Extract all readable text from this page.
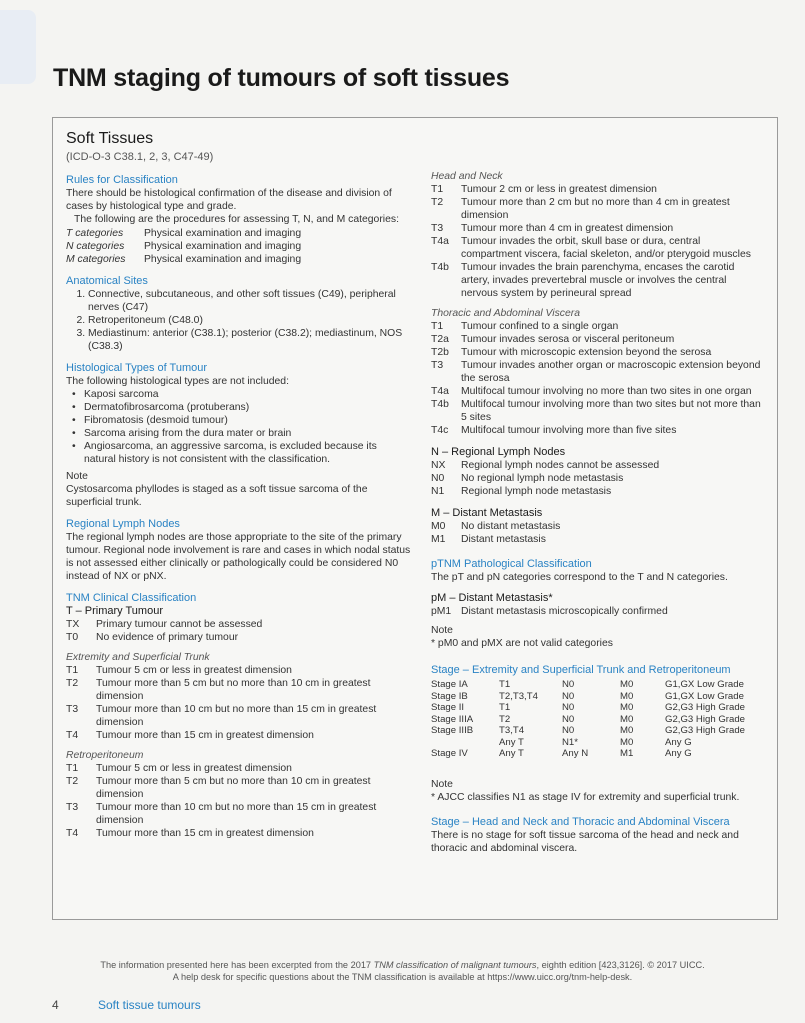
TNM staging of tumours of soft tissues
Soft Tissues
(ICD-O-3 C38.1, 2, 3, C47-49)
Rules for Classification

There should be histological confirmation of the disease and division of cases by histological type and grade.

The following are the procedures for assessing T, N, and M categories:

T categories	Physical examination and imaging
N categories	Physical examination and imaging
M categories	Physical examination and imaging
Anatomical Sites
1. Connective, subcutaneous, and other soft tissues (C49), peripheral nerves (C47)
2. Retroperitoneum (C48.0)
3. Mediastinum: anterior (C38.1); posterior (C38.2); mediastinum, NOS (C38.3)
Histological Types of Tumour

The following histological types are not included:

• Kaposi sarcoma
• Dermatofibrosarcoma (protuberans)
• Fibromatosis (desmoid tumour)
• Sarcoma arising from the dura mater or brain
• Angiosarcoma, an aggressive sarcoma, is excluded because its natural history is not consistent with the classification.

Note

Cystosarcoma phyllodes is staged as a soft tissue sarcoma of the superficial trunk.

Regional Lymph Nodes

The regional lymph nodes are those appropriate to the site of the primary tumour. Regional node involvement is rare and cases in which nodal status is not assessed either clinically or pathologically could be considered N0 instead of NX or pNX.

TNM Clinical Classification
T – Primary Tumour
TX	Primary tumour cannot be assessed
T0	No evidence of primary tumour
Extremity and Superficial Trunk
T1	Tumour 5 cm or less in greatest dimension
T2	Tumour more than 5 cm but no more than 10 cm in greatest dimension
T3	Tumour more than 10 cm but no more than 15 cm in greatest dimension
T4	Tumour more than 15 cm in greatest dimension
Retroperitoneum
T1	Tumour 5 cm or less in greatest dimension
T2	Tumour more than 5 cm but no more than 10 cm in greatest dimension
T3	Tumour more than 10 cm but no more than 15 cm in greatest dimension
T4	Tumour more than 15 cm in greatest dimension
Head and Neck
T1	Tumour 2 cm or less in greatest dimension
T2	Tumour more than 2 cm but no more than 4 cm in greatest dimension
T3	Tumour more than 4 cm in greatest dimension
T4a	Tumour invades the orbit, skull base or dura, central compartment viscera, facial skeleton, and/or pterygoid muscles
T4b	Tumour invades the brain parenchyma, encases the carotid artery, invades prevertebral muscle or involves the central nervous system by perineural spread
Thoracic and Abdominal Viscera
T1	Tumour confined to a single organ
T2a	Tumour invades serosa or visceral peritoneum
T2b	Tumour with microscopic extension beyond the serosa
T3	Tumour invades another organ or macroscopic extension beyond the serosa
T4a	Multifocal tumour involving no more than two sites in one organ
T4b	Multifocal tumour involving more than two sites but not more than 5 sites
T4c	Multifocal tumour involving more than five sites
N – Regional Lymph Nodes
NX	Regional lymph nodes cannot be assessed
N0	No regional lymph node metastasis
N1	Regional lymph node metastasis
M – Distant Metastasis
M0	No distant metastasis
M1	Distant metastasis
pTNM Pathological Classification

The pT and pN categories correspond to the T and N categories.

pM – Distant Metastasis*
pM1 Distant metastasis microscopically confirmed

Note

* pM0 and pMX are not valid categories

Stage – Extremity and Superficial Trunk and Retroperitoneum
Stage IA	T1	N0	M0	G1,GX Low Grade
Stage IB	T2,T3,T4	N0	M0	G1,GX Low Grade
Stage II	T1	N0	M0	G2,G3 High Grade
Stage IIIA	T2	N0	M0	G2,G3 High Grade
Stage IIIB	T3,T4	N0	M0	G2,G3 High Grade
	Any T	N1*	M0	Any G
Stage IV	Any T	Any N	M1	Any G

Note

* AJCC classifies N1 as stage IV for extremity and superficial trunk.

Stage – Head and Neck and Thoracic and Abdominal Viscera

There is no stage for soft tissue sarcoma of the head and neck and thoracic and abdominal viscera.

The information presented here has been excerpted from the 2017 TNM classification of malignant tumours, eighth edition [423,3126]. © 2017 UICC.
A help desk for specific questions about the TNM classification is available at https://www.uicc.org/tnm-help-desk.
4	Soft tissue tumours
